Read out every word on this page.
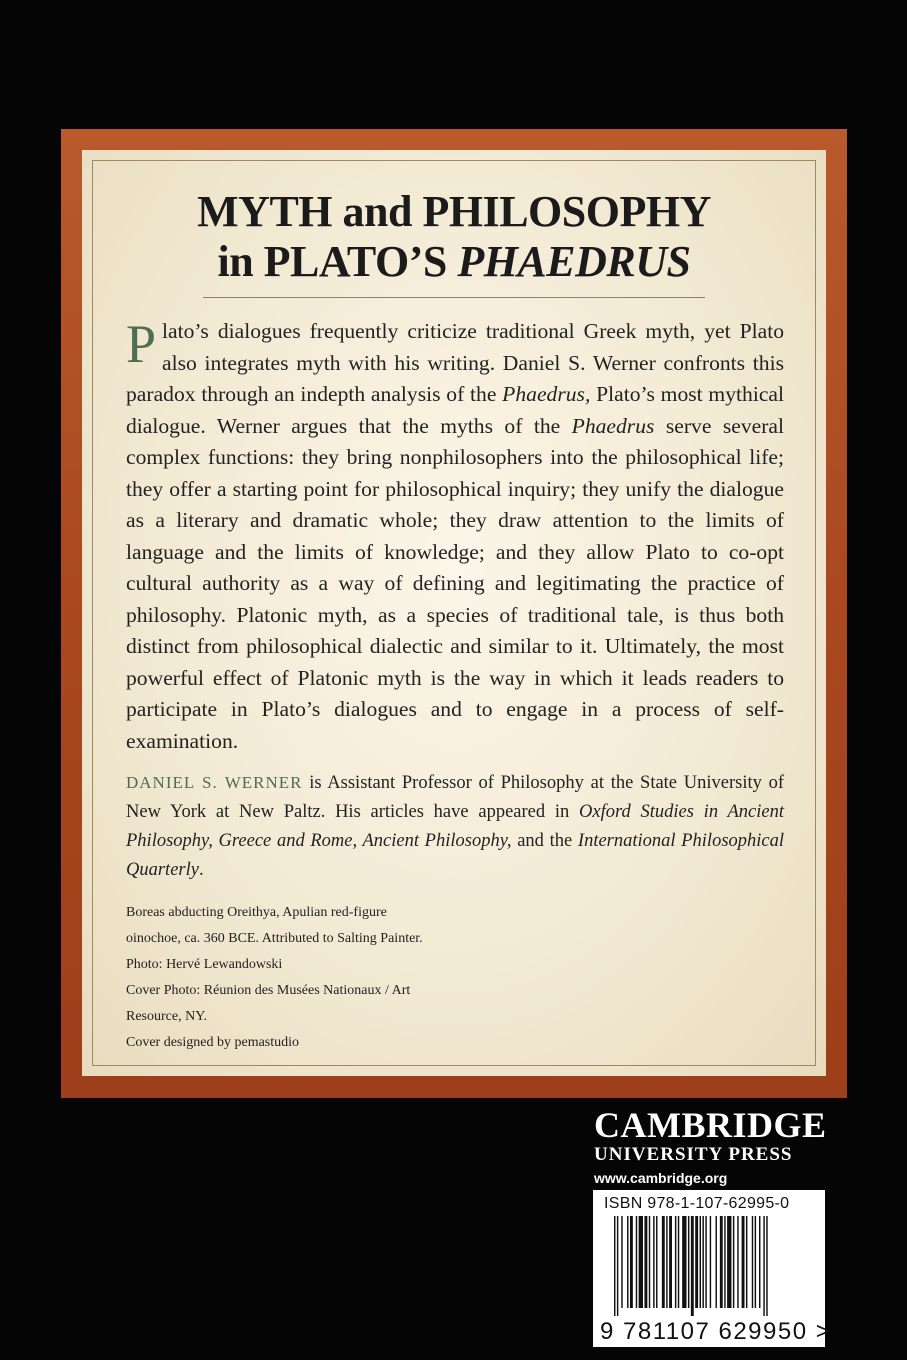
MYTH and PHILOSOPHY
in PLATO’S PHAEDRUS
Plato’s dialogues frequently criticize traditional Greek myth, yet Plato also integrates myth with his writing. Daniel S. Werner confronts this paradox through an indepth analysis of the Phaedrus, Plato’s most mythical dialogue. Werner argues that the myths of the Phaedrus serve several complex functions: they bring nonphilosophers into the philosophical life; they offer a starting point for philosophical inquiry; they unify the dialogue as a literary and dramatic whole; they draw attention to the limits of language and the limits of knowledge; and they allow Plato to co-opt cultural authority as a way of defining and legitimating the practice of philosophy. Platonic myth, as a species of traditional tale, is thus both distinct from philosophical dialectic and similar to it. Ultimately, the most powerful effect of Platonic myth is the way in which it leads readers to participate in Plato’s dialogues and to engage in a process of self-examination.
DANIEL S. WERNER is Assistant Professor of Philosophy at the State University of New York at New Paltz. His articles have appeared in Oxford Studies in Ancient Philosophy, Greece and Rome, Ancient Philosophy, and the International Philosophical Quarterly.
Boreas abducting Oreithya, Apulian red-figure
oinochoe, ca. 360 BCE. Attributed to Salting Painter.
Photo: Hervé Lewandowski
Cover Photo: Réunion des Musées Nationaux / Art
Resource, NY.
Cover designed by pemastudio
CAMBRIDGE
UNIVERSITY PRESS
www.cambridge.org
ISBN 978-1-107-62995-0
9 781107 629950 >
